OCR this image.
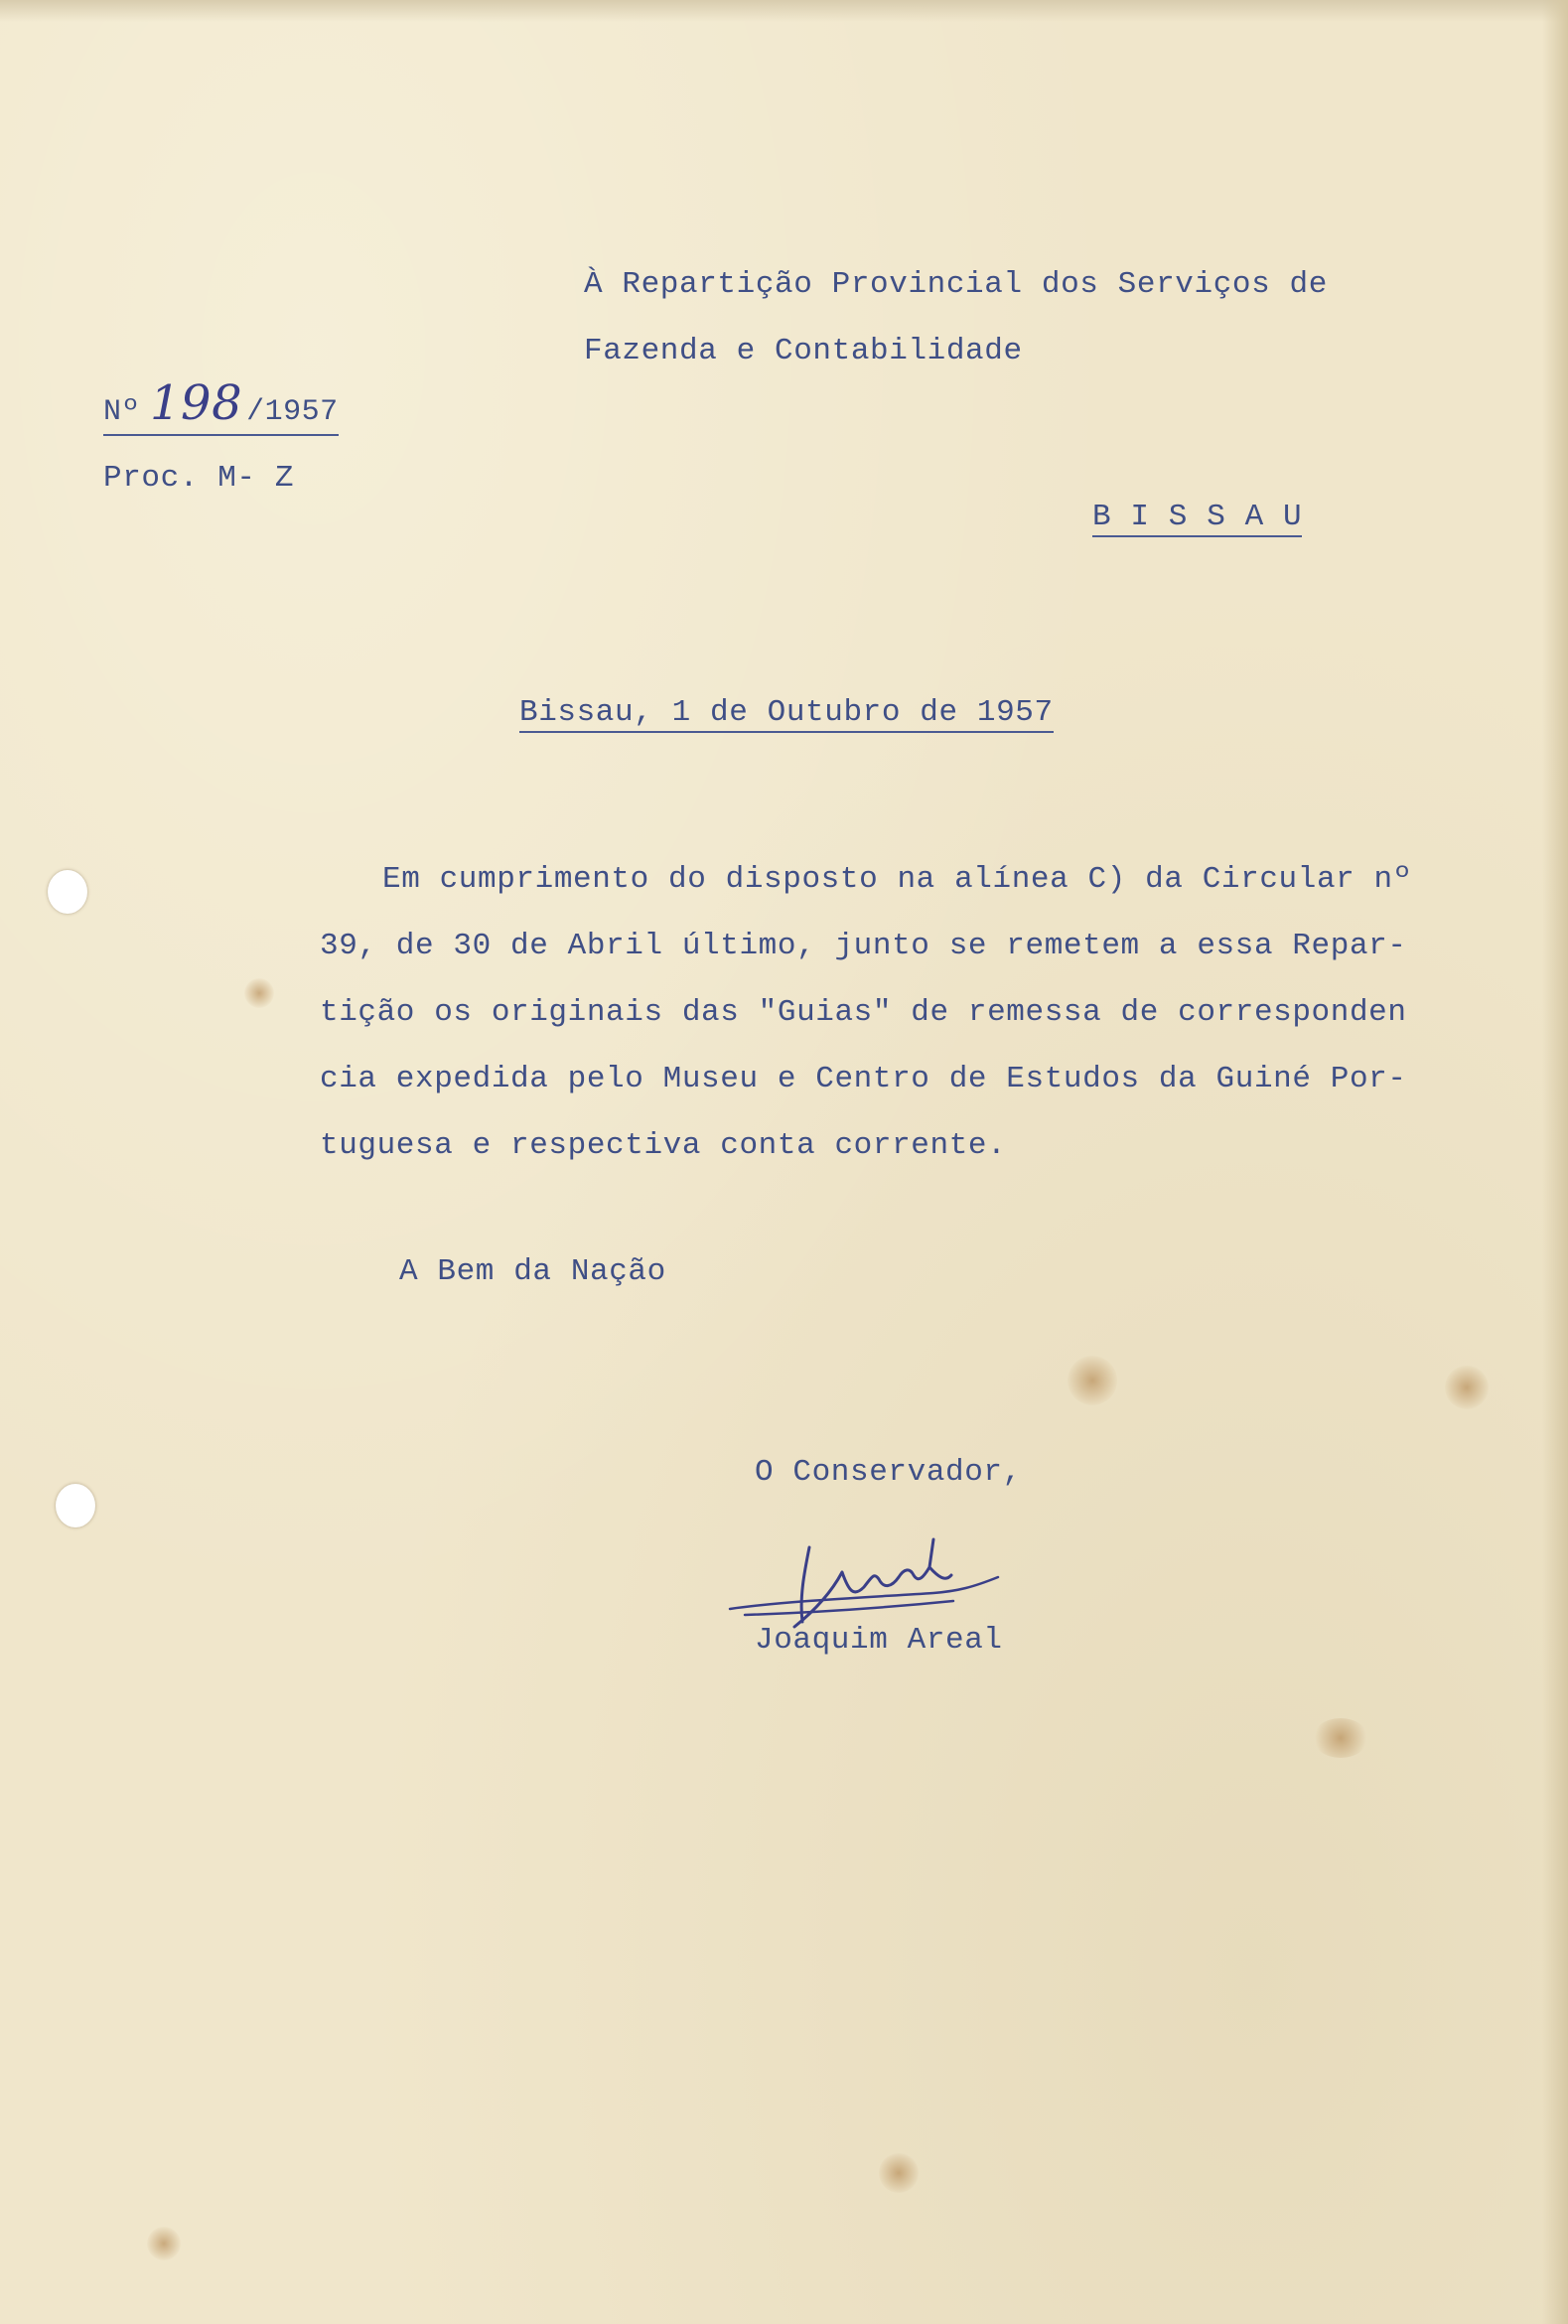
À Repartição Provincial dos Serviços de
Fazenda e Contabilidade
Nº 198 /1957
Proc. M- Z
B I S S A U
Bissau, 1 de Outubro de 1957
Em cumprimento do disposto na alínea C) da Circular nº
39, de 30 de Abril último, junto se remetem a essa Repar-
tição os originais das "Guias" de remessa de corresponden
cia expedida pelo Museu e Centro de Estudos da Guiné Por-
tuguesa e respectiva conta corrente.
A Bem da Nação
O Conservador,
Joaquim Areal
